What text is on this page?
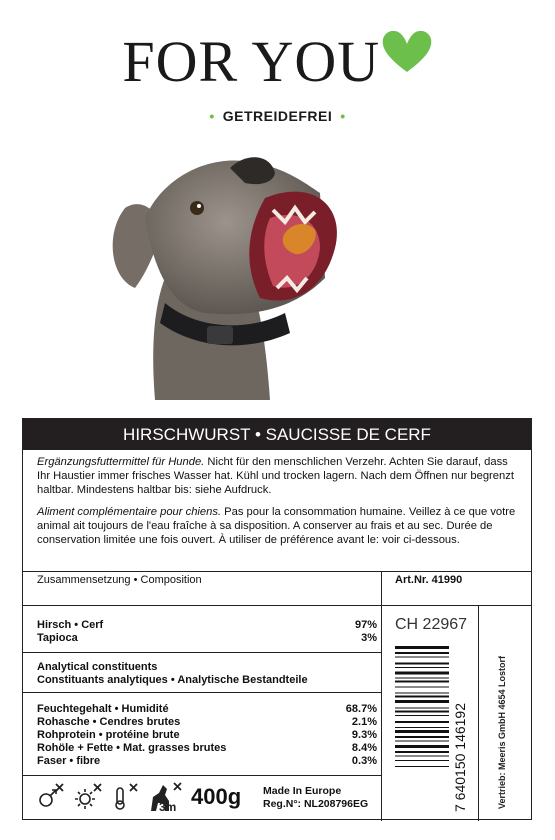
FOR YOU
• GETREIDEFREI •
HIRSCHWURST • SAUCISSE DE CERF

Ergänzungsfuttermittel für Hunde. Nicht für den menschlichen Verzehr. Achten Sie darauf, dass Ihr Haustier immer frisches Wasser hat. Kühl und trocken lagern. Nach dem Öffnen nur begrenzt haltbar. Mindestens haltbar bis: siehe Aufdruck.

Aliment complémentaire pour chiens. Pas pour la consommation humaine. Veillez à ce que votre animal ait toujours de l'eau fraîche à sa disposition. A conserver au frais et au sec. Durée de conservation limitée une fois ouvert. À utiliser de préférence avant le: voir ci-dessous.

Zusammensetzung • Composition	Art.Nr. 41990
Hirsch • Cerf	97%
Tapioca	3%
Analytical constituents
Constituants analytiques • Analytische Bestandteile
Feuchtegehalt • Humidité	68.7%
Rohasche • Cendres brutes	2.1%
Rohprotein • protéine brute	9.3%
Rohöle + Fette • Mat. grasses brutes	8.4%
Faser • fibre	0.3%
CH 22967
7 640150 146192	Vertrieb: Meeris GmbH 4654 Lostorf
3m 400g Made In Europe
Reg.N°: NL208796EG
